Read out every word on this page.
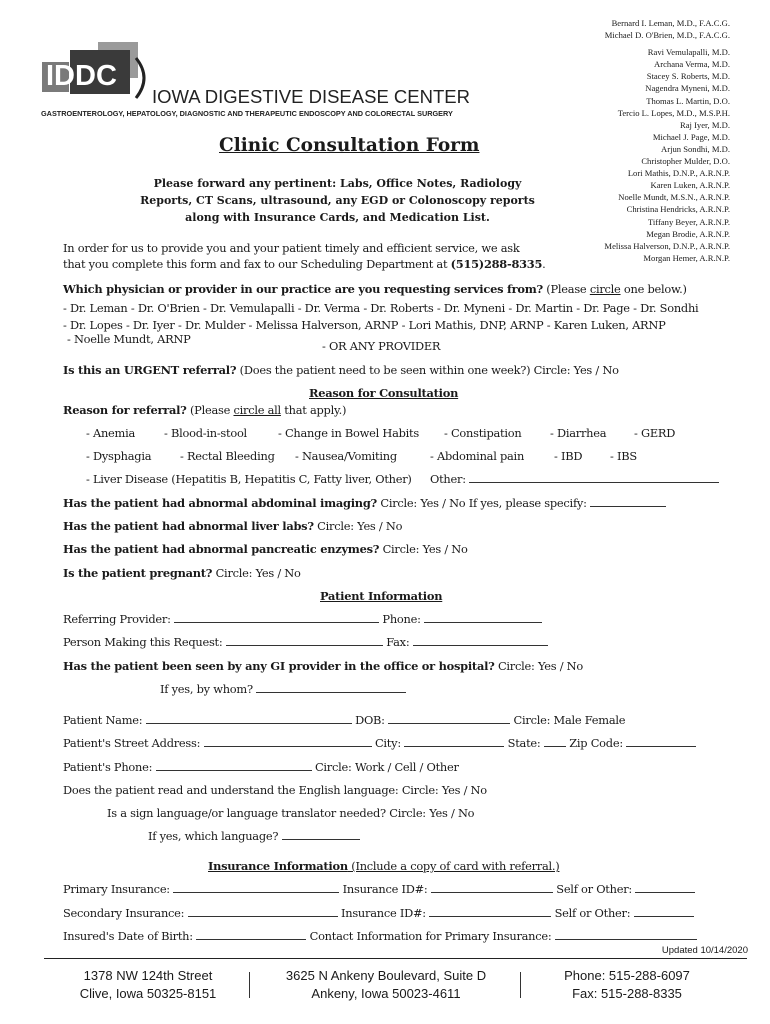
Bernard I. Leman, M.D., F.A.C.G.
Michael D. O'Brien, M.D., F.A.C.G.
Ravi Vemulapalli, M.D.
Archana Verma, M.D.
Stacey S. Roberts, M.D.
Nagendra Myneni, M.D.
Thomas L. Martin, D.O.
Tercio L. Lopes, M.D., M.S.P.H.
Raj Iyer, M.D.
Michael J. Page, M.D.
Arjun Sondhi, M.D.
Christopher Mulder, D.O.
Lori Mathis, D.N.P., A.R.N.P.
Karen Luken, A.R.N.P.
Noelle Mundt, M.S.N., A.R.N.P.
Christina Hendricks, A.R.N.P.
Tiffany Beyer, A.R.N.P.
Megan Brodie, A.R.N.P.
Melissa Halverson, D.N.P., A.R.N.P.
Morgan Hemer, A.R.N.P.
IDDC
IOWA DIGESTIVE DISEASE CENTER
GASTROENTEROLOGY, HEPATOLOGY, DIAGNOSTIC AND THERAPEUTIC ENDOSCOPY AND COLORECTAL SURGERY
Clinic Consultation Form
Please forward any pertinent: Labs, Office Notes, Radiology Reports, CT Scans, ultrasound, any EGD or Colonoscopy reports along with Insurance Cards, and Medication List.
In order for us to provide you and your patient timely and efficient service, we ask
that you complete this form and fax to our Scheduling Department at (515)288-8335.
Which physician or provider in our practice are you requesting services from? (Please circle one below.)
- Dr. Leman - Dr. O'Brien - Dr. Vemulapalli - Dr. Verma - Dr. Roberts - Dr. Myneni - Dr. Martin - Dr. Page - Dr. Sondhi
- Dr. Lopes - Dr. Iyer - Dr. Mulder - Melissa Halverson, ARNP - Lori Mathis, DNP, ARNP - Karen Luken, ARNP
- Noelle Mundt, ARNP	- OR ANY PROVIDER
Is this an URGENT referral? (Does the patient need to be seen within one week?) Circle: Yes / No
Reason for Consultation
Reason for referral? (Please circle all that apply.)
- Anemia	- Blood-in-stool	- Change in Bowel Habits - Constipation	- Diarrhea - GERD
- Dysphagia	- Rectal Bleeding - Nausea/Vomiting	- Abdominal pain	- IBD - IBS
- Liver Disease (Hepatitis B, Hepatitis C, Fatty liver, Other) Other:
Has the patient had abnormal abdominal imaging? Circle: Yes / No If yes, please specify:
Has the patient had abnormal liver labs? Circle: Yes / No
Has the patient had abnormal pancreatic enzymes? Circle: Yes / No
Is the patient pregnant? Circle: Yes / No
Patient Information
Referring Provider:	Phone:
Person Making this Request:	Fax:
Has the patient been seen by any GI provider in the office or hospital? Circle: Yes / No
If yes, by whom?
Patient Name:	DOB:	Circle: Male Female
Patient's Street Address:	City:	State:	Zip Code:
Patient's Phone:	Circle: Work / Cell / Other
Does the patient read and understand the English language: Circle: Yes / No
Is a sign language/or language translator needed? Circle: Yes / No
If yes, which language?
Insurance Information (Include a copy of card with referral.)
Primary Insurance:	Insurance ID#:	Self or Other:
Secondary Insurance:	Insurance ID#:	Self or Other:
Insured's Date of Birth:	Contact Information for Primary Insurance:
Updated 10/14/2020
1378 NW 124th Street
Clive, Iowa 50325-8151
3625 N Ankeny Boulevard, Suite D
Ankeny, Iowa 50023-4611
Phone: 515-288-6097
Fax: 515-288-8335
